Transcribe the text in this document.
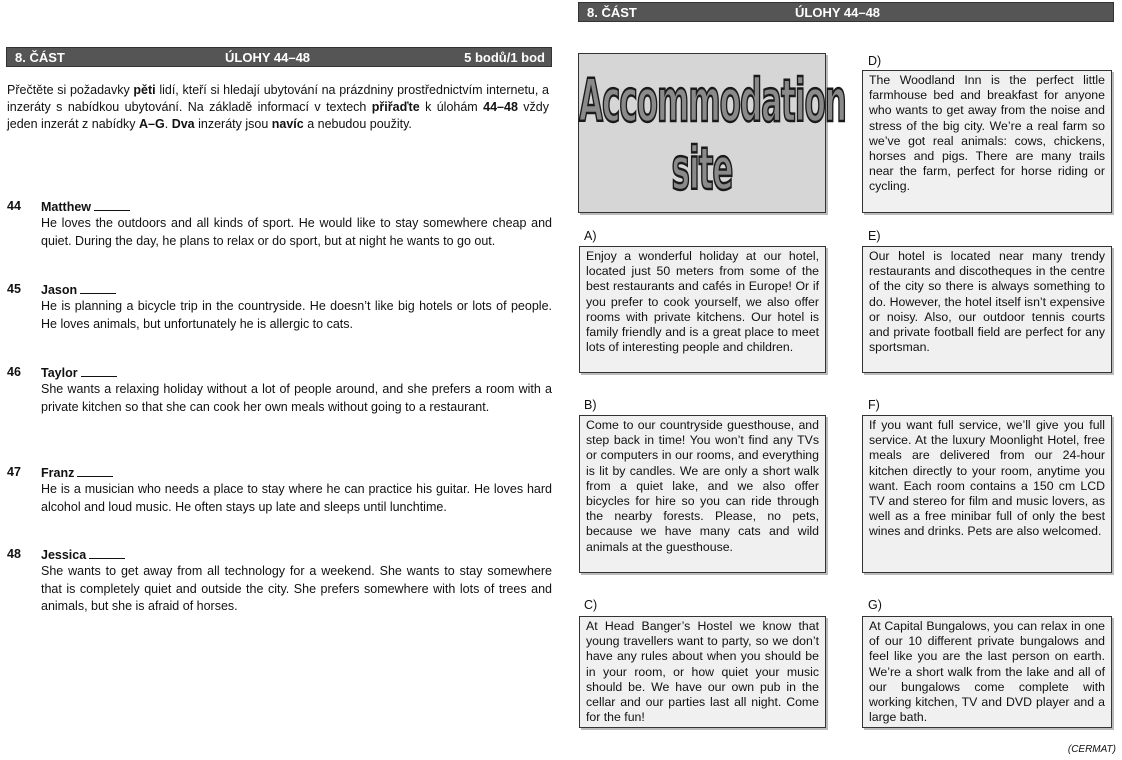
8. ČÁST	ÚLOHY 44–48	5 bodů/1 bod
8. ČÁST	ÚLOHY 44–48
Přečtěte si požadavky pěti lidí, kteří si hledají ubytování na prázdniny prostřednictvím internetu, a inzeráty s nabídkou ubytování. Na základě informací v textech přiřaďte k úlohám 44–48 vždy jeden inzerát z nabídky A–G. Dva inzeráty jsou navíc a nebudou použity.
44 Matthew
He loves the outdoors and all kinds of sport. He would like to stay somewhere cheap and quiet. During the day, he plans to relax or do sport, but at night he wants to go out.
45 Jason
He is planning a bicycle trip in the countryside. He doesn’t like big hotels or lots of people. He loves animals, but unfortunately he is allergic to cats.
46 Taylor
She wants a relaxing holiday without a lot of people around, and she prefers a room with a private kitchen so that she can cook her own meals without going to a restaurant.
47 Franz
He is a musician who needs a place to stay where he can practice his guitar. He loves hard alcohol and loud music. He often stays up late and sleeps until lunchtime.
48 Jessica
She wants to get away from all technology for a weekend. She wants to stay somewhere that is completely quiet and outside the city. She prefers somewhere with lots of trees and animals, but she is afraid of horses.
Accommodation site
A)
B)
C)
D)
E)
F)
G)
Enjoy a wonderful holiday at our hotel, located just 50 meters from some of the best restaurants and cafés in Europe! Or if you prefer to cook yourself, we also offer rooms with private kitchens. Our hotel is family friendly and is a great place to meet lots of interesting people and children.
Come to our countryside guesthouse, and step back in time! You won’t find any TVs or computers in our rooms, and everything is lit by candles. We are only a short walk from a quiet lake, and we also offer bicycles for hire so you can ride through the nearby forests. Please, no pets, because we have many cats and wild animals at the guesthouse.
At Head Banger’s Hostel we know that young travellers want to party, so we don’t have any rules about when you should be in your room, or how quiet your music should be. We have our own pub in the cellar and our parties last all night. Come for the fun!
The Woodland Inn is the perfect little farmhouse bed and breakfast for anyone who wants to get away from the noise and stress of the big city. We’re a real farm so we’ve got real animals: cows, chickens, horses and pigs. There are many trails near the farm, perfect for horse riding or cycling.
Our hotel is located near many trendy restaurants and discotheques in the centre of the city so there is always something to do. However, the hotel itself isn’t expensive or noisy. Also, our outdoor tennis courts and private football field are perfect for any sportsman.
If you want full service, we’ll give you full service. At the luxury Moonlight Hotel, free meals are delivered from our 24-hour kitchen directly to your room, anytime you want. Each room contains a 150 cm LCD TV and stereo for film and music lovers, as well as a free minibar full of only the best wines and drinks. Pets are also welcomed.
At Capital Bungalows, you can relax in one of our 10 different private bungalows and feel like you are the last person on earth. We’re a short walk from the lake and all of our bungalows come complete with working kitchen, TV and DVD player and a large bath.
(CERMAT)
